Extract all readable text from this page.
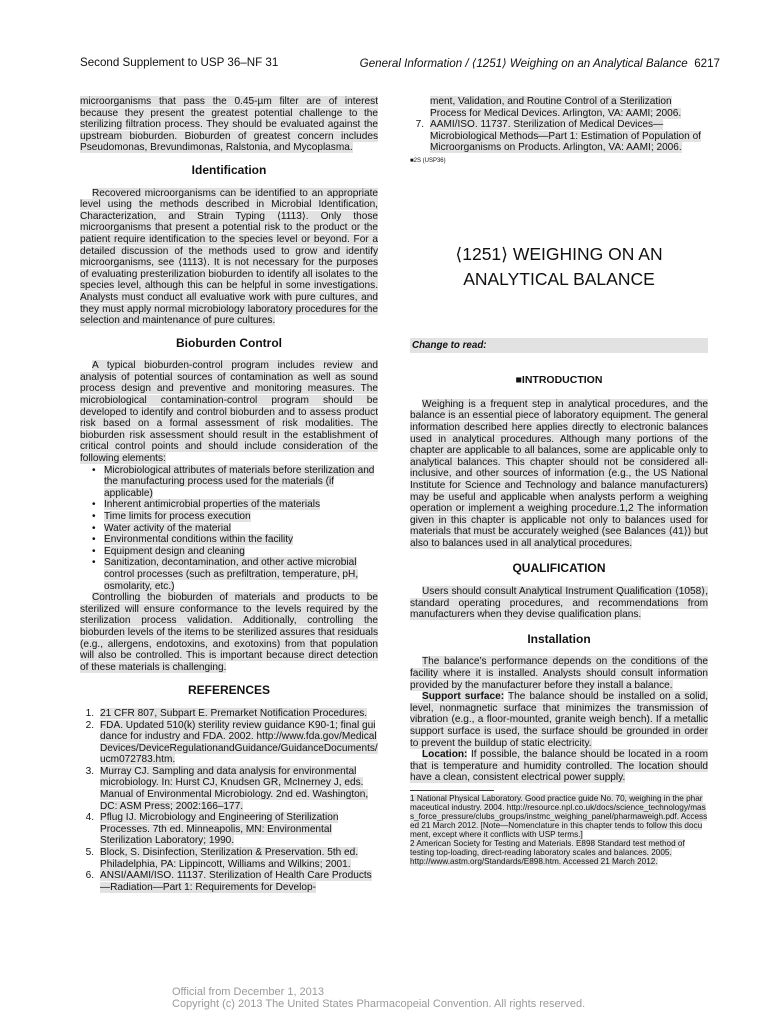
Second Supplement to USP 36–NF 31	General Information / ⟨1251⟩ Weighing on an Analytical Balance 6217

microorganisms that pass the 0.45-µm filter are of interest because they present the greatest potential challenge to the sterilizing filtration process. They should be evaluated against the upstream bioburden. Bioburden of greatest concern includes Pseudomonas, Brevundimonas, Ralstonia, and Mycoplasma.

Identification

Recovered microorganisms can be identified to an appropriate level using the methods described in Microbial Identification, Characterization, and Strain Typing ⟨1113⟩. Only those microorganisms that present a potential risk to the product or the patient require identification to the species level or beyond. For a detailed discussion of the methods used to grow and identify microorganisms, see ⟨1113⟩. It is not necessary for the purposes of evaluating presterilization bioburden to identify all isolates to the species level, although this can be helpful in some investigations. Analysts must conduct all evaluative work with pure cultures, and they must apply normal microbiology laboratory procedures for the selection and maintenance of pure cultures.

Bioburden Control

A typical bioburden-control program includes review and analysis of potential sources of contamination as well as sound process design and preventive and monitoring measures. The microbiological contamination-control program should be developed to identify and control bioburden and to assess product risk based on a formal assessment of risk modalities. The bioburden risk assessment should result in the establishment of critical control points and should include consideration of the following elements:

• Microbiological attributes of materials before sterilization and the manufacturing process used for the materials (if applicable)
• Inherent antimicrobial properties of the materials
• Time limits for process execution
• Water activity of the material
• Environmental conditions within the facility
• Equipment design and cleaning
• Sanitization, decontamination, and other active microbial control processes (such as prefiltration, temperature, pH, osmolarity, etc.)

Controlling the bioburden of materials and products to be sterilized will ensure conformance to the levels required by the sterilization process validation. Additionally, controlling the bioburden levels of the items to be sterilized assures that residuals (e.g., allergens, endotoxins, and exotoxins) from that population will also be controlled. This is important because direct detection of these materials is challenging.

REFERENCES
1. 21 CFR 807, Subpart E. Premarket Notification Procedures.
2. FDA. Updated 510(k) sterility review guidance K90-1; final guidance for industry and FDA. 2002. http://www.fda.gov/MedicalDevices/DeviceRegulationandGuidance/GuidanceDocuments/ucm072783.htm.
3. Murray CJ. Sampling and data analysis for environmental microbiology. In: Hurst CJ, Knudsen GR, McInerney J, eds. Manual of Environmental Microbiology. 2nd ed. Washington, DC: ASM Press; 2002:166–177.
4. Pflug IJ. Microbiology and Engineering of Sterilization Processes. 7th ed. Minneapolis, MN: Environmental Sterilization Laboratory; 1990.
5. Block, S. Disinfection, Sterilization & Preservation. 5th ed. Philadelphia, PA: Lippincott, Williams and Wilkins; 2001.
6. ANSI/AAMI/ISO. 11137. Sterilization of Health Care Products—Radiation—Part 1: Requirements for Develop-

ment, Validation, and Routine Control of a Sterilization Process for Medical Devices. Arlington, VA: AAMI; 2006.

7. AAMI/ISO. 11737. Sterilization of Medical Devices—Microbiological Methods—Part 1: Estimation of Population of Microorganisms on Products. Arlington, VA: AAMI; 2006.

■2S (USP36)

⟨1251⟩ WEIGHING ON AN ANALYTICAL BALANCE
Change to read:
■INTRODUCTION

Weighing is a frequent step in analytical procedures, and the balance is an essential piece of laboratory equipment. The general information described here applies directly to electronic balances used in analytical procedures. Although many portions of the chapter are applicable to all balances, some are applicable only to analytical balances. This chapter should not be considered all-inclusive, and other sources of information (e.g., the US National Institute for Science and Technology and balance manufacturers) may be useful and applicable when analysts perform a weighing operation or implement a weighing procedure.1,2 The information given in this chapter is applicable not only to balances used for materials that must be accurately weighed (see Balances ⟨41⟩) but also to balances used in all analytical procedures.

QUALIFICATION

Users should consult Analytical Instrument Qualification ⟨1058⟩, standard operating procedures, and recommendations from manufacturers when they devise qualification plans.

Installation

The balance’s performance depends on the conditions of the facility where it is installed. Analysts should consult information provided by the manufacturer before they install a balance.

Support surface: The balance should be installed on a solid, level, nonmagnetic surface that minimizes the transmission of vibration (e.g., a floor-mounted, granite weigh bench). If a metallic support surface is used, the surface should be grounded in order to prevent the buildup of static electricity.

Location: If possible, the balance should be located in a room that is temperature and humidity controlled. The location should have a clean, consistent electrical power supply.

1 National Physical Laboratory. Good practice guide No. 70, weighing in the pharmaceutical industry. 2004. http://resource.npl.co.uk/docs/science_technology/mass_force_pressure/clubs_groups/instmc_weighing_panel/pharmaweigh.pdf. Accessed 21 March 2012. [Note—Nomenclature in this chapter tends to follow this document, except where it conflicts with USP terms.]

2 American Society for Testing and Materials. E898 Standard test method of testing top-loading, direct-reading laboratory scales and balances. 2005. http://www.astm.org/Standards/E898.htm. Accessed 21 March 2012.

Official from December 1, 2013
Copyright (c) 2013 The United States Pharmacopeial Convention. All rights reserved.
